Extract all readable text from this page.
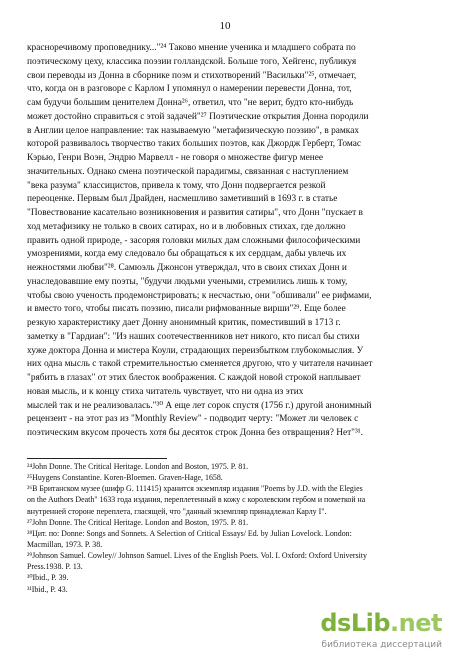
10
красноречивому проповеднику..."²⁴ Таково мнение ученика и младшего собрата по
поэтическому цеху, классика поэзии голландской. Больше того, Хейгенс, публикуя
свои переводы из Донна в сборнике поэм и стихотворений "Васильки"²⁵, отмечает,
что, когда он в разговоре с Карлом I упомянул о намерении перевести Донна, тот,
сам будучи большим ценителем Донна²⁶, ответил, что "не верит, будто кто-нибудь
может достойно справиться с этой задачей"²⁷ Поэтические открытия Донна породили
в Англии целое направление: так называемую "метафизическую поэзию", в рамках
которой развивалось творчество таких больших поэтов, как Джордж Герберт, Томас
Кэрью, Генри Воэн, Эндрю Марвелл - не говоря о множестве фигур менее
значительных. Однако смена поэтической парадигмы, связанная с наступлением
"века разума" классицистов, привела к тому, что Донн подвергается резкой
переоценке. Первым был Драйден, насмешливо заметивший в 1693 г. в статье
"Повествование касательно возникновения и развития сатиры", что Донн "пускает в
ход метафизику не только в своих сатирах, но и в любовных стихах, где должно
править одной природе, - засоряя головки милых дам сложными философическими
умозрениями, когда ему следовало бы обращаться к их сердцам, дабы увлечь их
нежностями любви"²⁸. Самюэль Джонсон утверждал, что в своих стихах Донн и
унаследовавшие ему поэты, "будучи людьми учеными, стремились лишь к тому,
чтобы свою ученость продемонстрировать; к несчастью, они "обшивали" ее рифмами,
и вместо того, чтобы писать поэзию, писали рифмованные вирши"²⁹. Еще более
резкую характеристику дает Донну анонимный критик, поместивший в 1713 г.
заметку в "Гардиан": "Из наших соотечественников нет никого, кто писал бы стихи
хуже доктора Донна и мистера Коули, страдающих переизбытком глубокомыслия. У
них одна мысль с такой стремительностью сменяется другою, что у читателя начинает
"рябить в глазах" от этих блесток воображения. С каждой новой строкой наплывает
новая мысль, и к концу стиха читатель чувствует, что ни одна из этих
мыслей так и не реализовалась."³⁰ А еще лет сорок спустя (1756 г.) другой анонимный
рецензент - на этот раз из "Monthly Review" - подводит черту: "Может ли человек с
поэтическим вкусом прочесть хотя бы десяток строк Донна без отвращения? Нет"³¹.
²⁴John Donne. The Critical Heritage. London and Boston, 1975. P. 81.
²⁵Huygens Constantine. Koren-Bloemen. Graven-Hage, 1658.
²⁶В Британском музее (шифр G. 111415) хранится экземпляр издания "Poems by J.D. with the Elegies
on the Authors Death" 1633 года издания, переплетенный в кожу с королевским гербом и пометкой на
внутренней стороне переплета, гласящей, что "данный экземпляр принадлежал Карлу I".
²⁷John Donne. The Critical Heritage. London and Boston, 1975. P. 81.
²⁸Цит. по: Donne: Songs and Sonnets. A Selection of Critical Essays/ Ed. by Julian Lovelock. London:
Macmillan, 1973. P. 38.
²⁹Johnson Samuel. Cowley// Johnson Samuel. Lives of the English Poets. Vol. I. Oxford: Oxford University
Press.1938. P. 13.
³⁰Ibid., P. 39.
³¹Ibid., P. 43.
dsLib.net
библиотека диссертаций
